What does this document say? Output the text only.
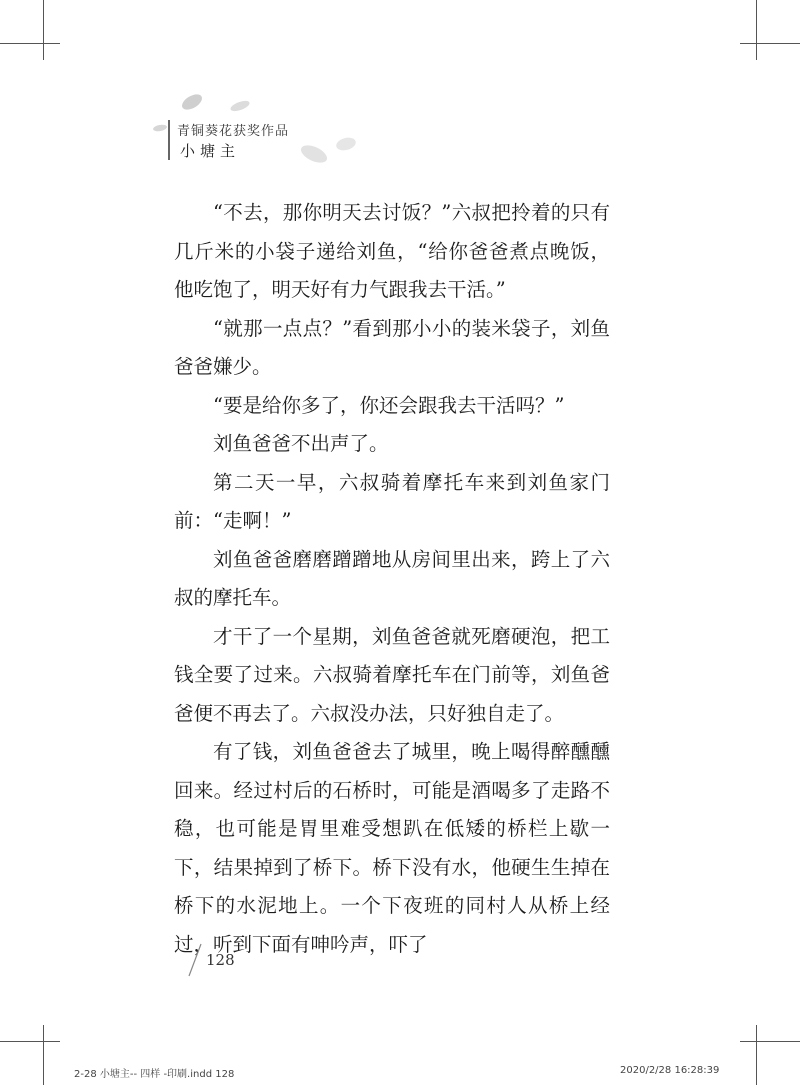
青铜葵花获奖作品
小塘主

“不去，那你明天去讨饭？”六叔把拎着的只有几斤米的小袋子递给刘鱼，“给你爸爸煮点晚饭，他吃饱了，明天好有力气跟我去干活。”

“就那一点点？”看到那小小的装米袋子，刘鱼爸爸嫌少。

“要是给你多了，你还会跟我去干活吗？”

刘鱼爸爸不出声了。

第二天一早，六叔骑着摩托车来到刘鱼家门前：“走啊！”

刘鱼爸爸磨磨蹭蹭地从房间里出来，跨上了六叔的摩托车。

才干了一个星期，刘鱼爸爸就死磨硬泡，把工钱全要了过来。六叔骑着摩托车在门前等，刘鱼爸爸便不再去了。六叔没办法，只好独自走了。

有了钱，刘鱼爸爸去了城里，晚上喝得醉醺醺回来。经过村后的石桥时，可能是酒喝多了走路不稳，也可能是胃里难受想趴在低矮的桥栏上歇一下，结果掉到了桥下。桥下没有水，他硬生生掉在桥下的水泥地上。一个下夜班的同村人从桥上经过，听到下面有呻吟声，吓了

128
2-28 小塘主-- 四样 -印刷.indd 128	2020/2/28 16:28:39
